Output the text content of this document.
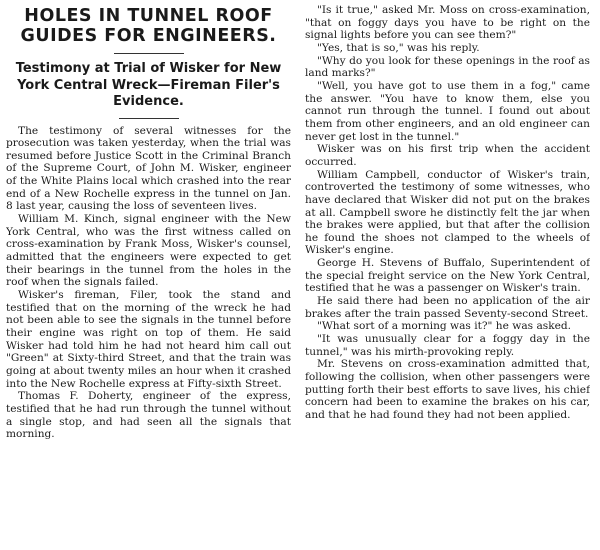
HOLES IN TUNNEL ROOF

GUIDES FOR ENGINEERS.

Testimony at Trial of Wisker for New York Central Wreck—Fireman Filer's Evidence.

The testimony of several witnesses for the prosecution was taken yesterday, when the trial was resumed before Justice Scott in the Criminal Branch of the Supreme Court, of John M. Wisker, engineer of the White Plains local which crashed into the rear end of a New Rochelle express in the tunnel on Jan. 8 last year, causing the loss of seventeen lives.

William M. Kinch, signal engineer with the New York Central, who was the first witness called on cross-examination by Frank Moss, Wisker's counsel, admitted that the engineers were expected to get their bearings in the tunnel from the holes in the roof when the signals failed.

Wisker's fireman, Filer, took the stand and testified that on the morning of the wreck he had not been able to see the signals in the tunnel before their engine was right on top of them. He said Wisker had told him he had not heard him call out "Green" at Sixty-third Street, and that the train was going at about twenty miles an hour when it crashed into the New Rochelle express at Fifty-sixth Street.

Thomas F. Doherty, engineer of the express, testified that he had run through the tunnel without a single stop, and had seen all the signals that morning.

"Is it true," asked Mr. Moss on cross-examination, "that on foggy days you have to be right on the signal lights before you can see them?"

"Yes, that is so," was his reply.

"Why do you look for these openings in the roof as land marks?"

"Well, you have got to use them in a fog," came the answer. "You have to know them, else you cannot run through the tunnel. I found out about them from other engineers, and an old engineer can never get lost in the tunnel."

Wisker was on his first trip when the accident occurred.

William Campbell, conductor of Wisker's train, controverted the testimony of some witnesses, who have declared that Wisker did not put on the brakes at all. Campbell swore he distinctly felt the jar when the brakes were applied, but that after the collision he found the shoes not clamped to the wheels of Wisker's engine.

George H. Stevens of Buffalo, Superintendent of the special freight service on the New York Central, testified that he was a passenger on Wisker's train.

He said there had been no application of the air brakes after the train passed Seventy-second Street.

"What sort of a morning was it?" he was asked.

"It was unusually clear for a foggy day in the tunnel," was his mirth-provoking reply.

Mr. Stevens on cross-examination admitted that, following the collision, when other passengers were putting forth their best efforts to save lives, his chief concern had been to examine the brakes on his car, and that he had found they had not been applied.
